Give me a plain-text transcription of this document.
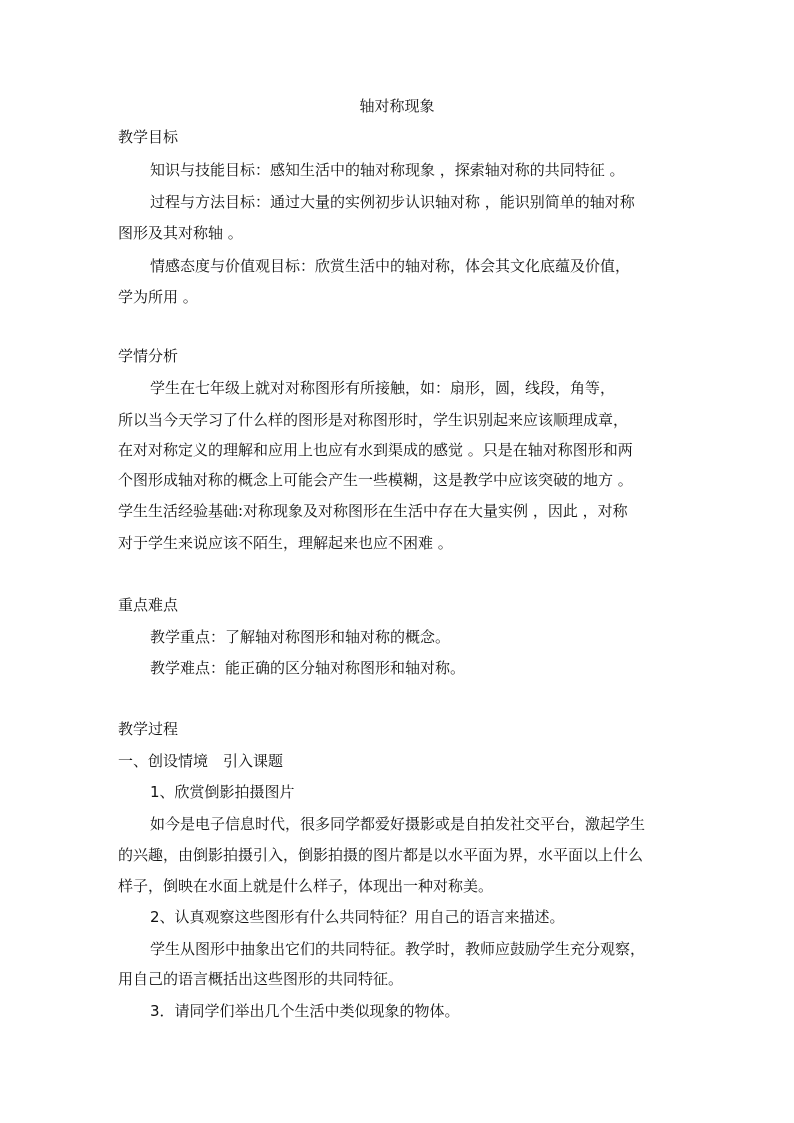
轴对称现象
教学目标
知识与技能目标：感知生活中的轴对称现象 ，探索轴对称的共同特征 。
过程与方法目标：通过大量的实例初步认识轴对称 ，能识别简单的轴对称
图形及其对称轴 。
情感态度与价值观目标：欣赏生活中的轴对称，体会其文化底蕴及价值，
学为所用 。
学情分析
学生在七年级上就对对称图形有所接触，如：扇形，圆，线段，角等，
所以当今天学习了什么样的图形是对称图形时，学生识别起来应该顺理成章，
在对对称定义的理解和应用上也应有水到渠成的感觉 。只是在轴对称图形和两
个图形成轴对称的概念上可能会产生一些模糊，这是教学中应该突破的地方 。
学生生活经验基础:对称现象及对称图形在生活中存在大量实例 ，因此 ，对称
对于学生来说应该不陌生，理解起来也应不困难 。
重点难点
教学重点：了解轴对称图形和轴对称的概念。
教学难点：能正确的区分轴对称图形和轴对称。
教学过程
一、创设情境　引入课题
1、欣赏倒影拍摄图片
如今是电子信息时代，很多同学都爱好摄影或是自拍发社交平台，激起学生
的兴趣，由倒影拍摄引入，倒影拍摄的图片都是以水平面为界，水平面以上什么
样子，倒映在水面上就是什么样子，体现出一种对称美。
2、认真观察这些图形有什么共同特征？用自己的语言来描述。
学生从图形中抽象出它们的共同特征。教学时，教师应鼓励学生充分观察，
用自己的语言概括出这些图形的共同特征。
3．请同学们举出几个生活中类似现象的物体。
